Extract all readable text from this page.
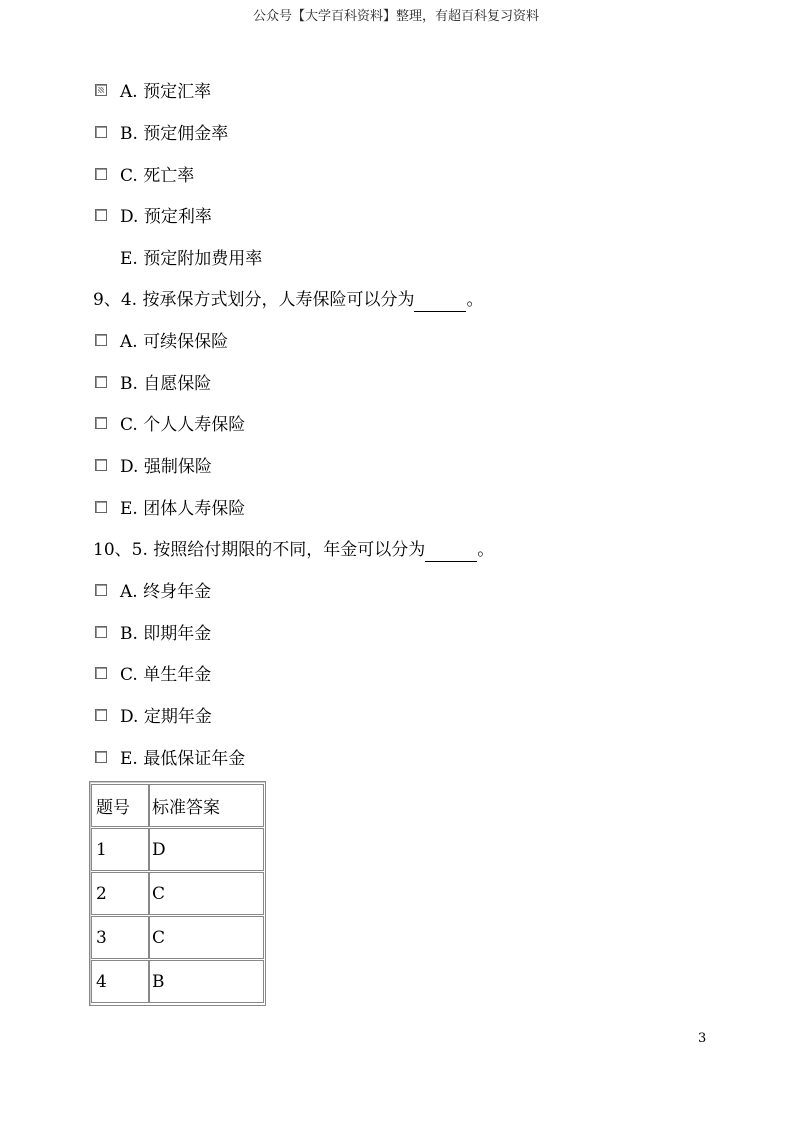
公众号【大学百科资料】整理，有超百科复习资料
A. 预定汇率
B. 预定佣金率
C. 死亡率
D. 预定利率
E. 预定附加费用率
9、4. 按承保方式划分，人寿保险可以分为	。
A. 可续保保险
B. 自愿保险
C. 个人人寿保险
D. 强制保险
E. 团体人寿保险
10、5. 按照给付期限的不同，年金可以分为	。
A. 终身年金
B. 即期年金
C. 单生年金
D. 定期年金
E. 最低保证年金
题号	标准答案
1	D
2	C
3	C
4	B
3
